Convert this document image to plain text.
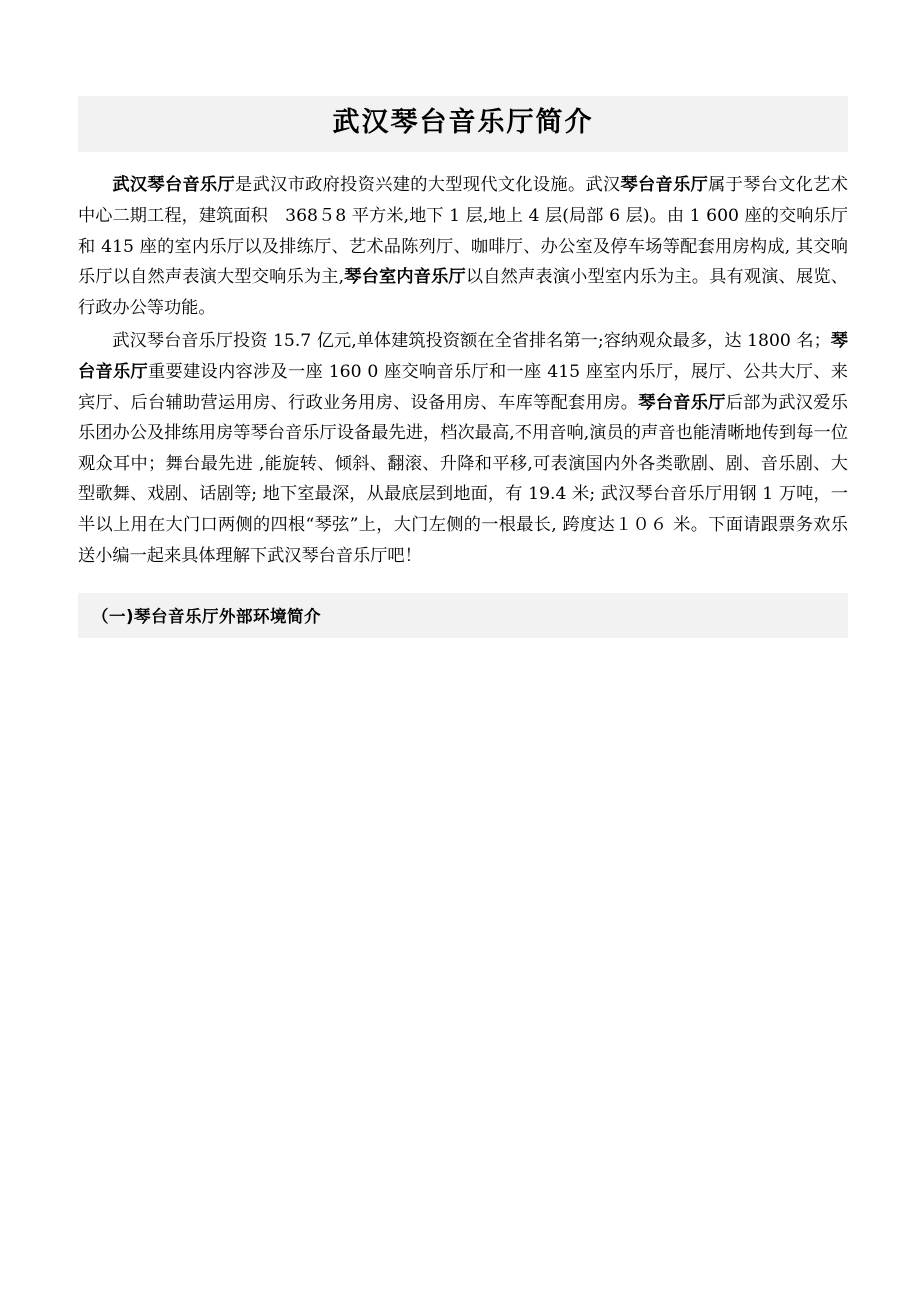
武汉琴台音乐厅简介

武汉琴台音乐厅是武汉市政府投资兴建的大型现代文化设施。武汉琴台音乐厅属于琴台文化艺术中心二期工程，建筑面积　368５8 平方米,地下 1 层,地上 4 层(局部 6 层)。由 1 600 座的交响乐厅和 415 座的室内乐厅以及排练厅、艺术品陈列厅、咖啡厅、办公室及停车场等配套用房构成, 其交响乐厅以自然声表演大型交响乐为主,琴台室内音乐厅以自然声表演小型室内乐为主。具有观演、展览、行政办公等功能。

武汉琴台音乐厅投资 15.7 亿元,单体建筑投资额在全省排名第一;容纳观众最多，达 1800 名；琴台音乐厅重要建设内容涉及一座 160 0 座交响音乐厅和一座 415 座室内乐厅，展厅、公共大厅、来宾厅、后台辅助营运用房、行政业务用房、设备用房、车库等配套用房。琴台音乐厅后部为武汉爱乐乐团办公及排练用房等琴台音乐厅设备最先进，档次最高,不用音响,演员的声音也能清晰地传到每一位观众耳中；舞台最先进 ,能旋转、倾斜、翻滚、升降和平移,可表演国内外各类歌剧、剧、音乐剧、大型歌舞、戏剧、话剧等; 地下室最深，从最底层到地面，有 19.4 米; 武汉琴台音乐厅用钢 1 万吨，一半以上用在大门口两侧的四根“琴弦”上，大门左侧的一根最长, 跨度达１０６ 米。下面请跟票务欢乐送小编一起来具体理解下武汉琴台音乐厅吧！

（一)琴台音乐厅外部环境简介
